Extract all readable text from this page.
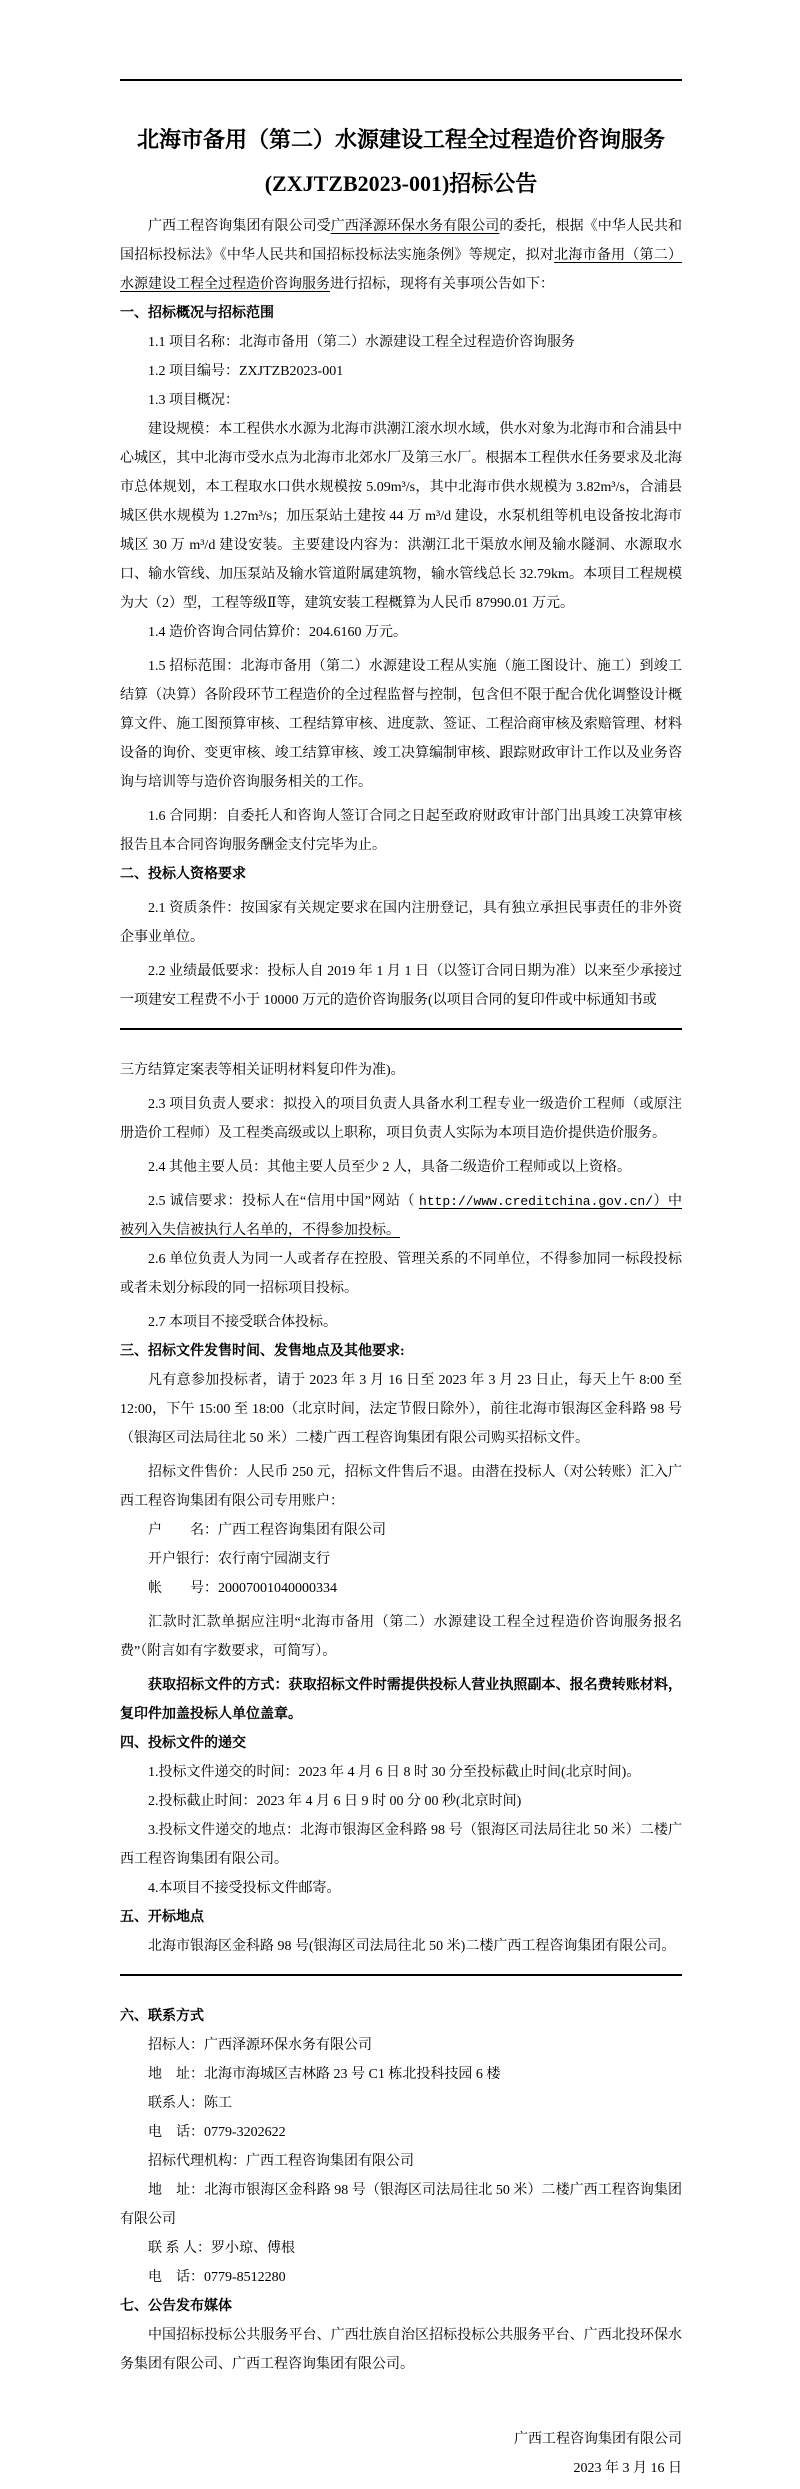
北海市备用（第二）水源建设工程全过程造价咨询服务
(ZXJTZB2023-001)招标公告

广西工程咨询集团有限公司受广西泽源环保水务有限公司的委托，根据《中华人民共和国招标投标法》《中华人民共和国招标投标法实施条例》等规定，拟对北海市备用（第二）水源建设工程全过程造价咨询服务进行招标，现将有关事项公告如下：

一、招标概况与招标范围

1.1 项目名称：北海市备用（第二）水源建设工程全过程造价咨询服务

1.2 项目编号：ZXJTZB2023-001

1.3 项目概况：

建设规模：本工程供水水源为北海市洪潮江滚水坝水域，供水对象为北海市和合浦县中心城区，其中北海市受水点为北海市北郊水厂及第三水厂。根据本工程供水任务要求及北海市总体规划，本工程取水口供水规模按 5.09m³/s，其中北海市供水规模为 3.82m³/s，合浦县城区供水规模为 1.27m³/s；加压泵站土建按 44 万 m³/d 建设，水泵机组等机电设备按北海市城区 30 万 m³/d 建设安装。主要建设内容为：洪潮江北干渠放水闸及输水隧洞、水源取水口、输水管线、加压泵站及输水管道附属建筑物，输水管线总长 32.79km。本项目工程规模为大（2）型，工程等级Ⅱ等，建筑安装工程概算为人民币 87990.01 万元。

1.4 造价咨询合同估算价：204.6160 万元。

1.5 招标范围：北海市备用（第二）水源建设工程从实施（施工图设计、施工）到竣工结算（决算）各阶段环节工程造价的全过程监督与控制，包含但不限于配合优化调整设计概算文件、施工图预算审核、工程结算审核、进度款、签证、工程洽商审核及索赔管理、材料设备的询价、变更审核、竣工结算审核、竣工决算编制审核、跟踪财政审计工作以及业务咨询与培训等与造价咨询服务相关的工作。

1.6 合同期：自委托人和咨询人签订合同之日起至政府财政审计部门出具竣工决算审核报告且本合同咨询服务酬金支付完毕为止。

二、投标人资格要求

2.1 资质条件：按国家有关规定要求在国内注册登记，具有独立承担民事责任的非外资企事业单位。

2.2 业绩最低要求：投标人自 2019 年 1 月 1 日（以签订合同日期为准）以来至少承接过一项建安工程费不小于 10000 万元的造价咨询服务(以项目合同的复印件或中标通知书或

三方结算定案表等相关证明材料复印件为准)。

2.3 项目负责人要求：拟投入的项目负责人具备水利工程专业一级造价工程师（或原注册造价工程师）及工程类高级或以上职称，项目负责人实际为本项目造价提供造价服务。

2.4 其他主要人员：其他主要人员至少 2 人，具备二级造价工程师或以上资格。

2.5 诚信要求：投标人在“信用中国”网站（ http://www.creditchina.gov.cn/）中被列入失信被执行人名单的，不得参加投标。

2.6 单位负责人为同一人或者存在控股、管理关系的不同单位，不得参加同一标段投标或者未划分标段的同一招标项目投标。

2.7 本项目不接受联合体投标。

三、招标文件发售时间、发售地点及其他要求:

凡有意参加投标者，请于 2023 年 3 月 16 日至 2023 年 3 月 23 日止，每天上午 8:00 至 12:00，下午 15:00 至 18:00（北京时间，法定节假日除外），前往北海市银海区金科路 98 号（银海区司法局往北 50 米）二楼广西工程咨询集团有限公司购买招标文件。

招标文件售价：人民币 250 元，招标文件售后不退。由潜在投标人（对公转账）汇入广西工程咨询集团有限公司专用账户：

户　　名：广西工程咨询集团有限公司

开户银行：农行南宁园湖支行

帐　　号：20007001040000334

汇款时汇款单据应注明“北海市备用（第二）水源建设工程全过程造价咨询服务报名费”（附言如有字数要求，可简写）。

获取招标文件的方式：获取招标文件时需提供投标人营业执照副本、报名费转账材料，复印件加盖投标人单位盖章。

四、投标文件的递交

1.投标文件递交的时间：2023 年 4 月 6 日 8 时 30 分至投标截止时间(北京时间)。

2.投标截止时间：2023 年 4 月 6 日 9 时 00 分 00 秒(北京时间)

3.投标文件递交的地点：北海市银海区金科路 98 号（银海区司法局往北 50 米）二楼广西工程咨询集团有限公司。

4.本项目不接受投标文件邮寄。

五、开标地点

北海市银海区金科路 98 号(银海区司法局往北 50 米)二楼广西工程咨询集团有限公司。

六、联系方式

招标人：广西泽源环保水务有限公司

地　址：北海市海城区吉林路 23 号 C1 栋北投科技园 6 楼

联系人：陈工

电　话：0779-3202622

招标代理机构：广西工程咨询集团有限公司

地　址：北海市银海区金科路 98 号（银海区司法局往北 50 米）二楼广西工程咨询集团有限公司

联 系 人：罗小琼、傅根

电　话：0779-8512280

七、公告发布媒体

中国招标投标公共服务平台、广西壮族自治区招标投标公共服务平台、广西北投环保水务集团有限公司、广西工程咨询集团有限公司。

广西工程咨询集团有限公司

2023 年 3 月 16 日
